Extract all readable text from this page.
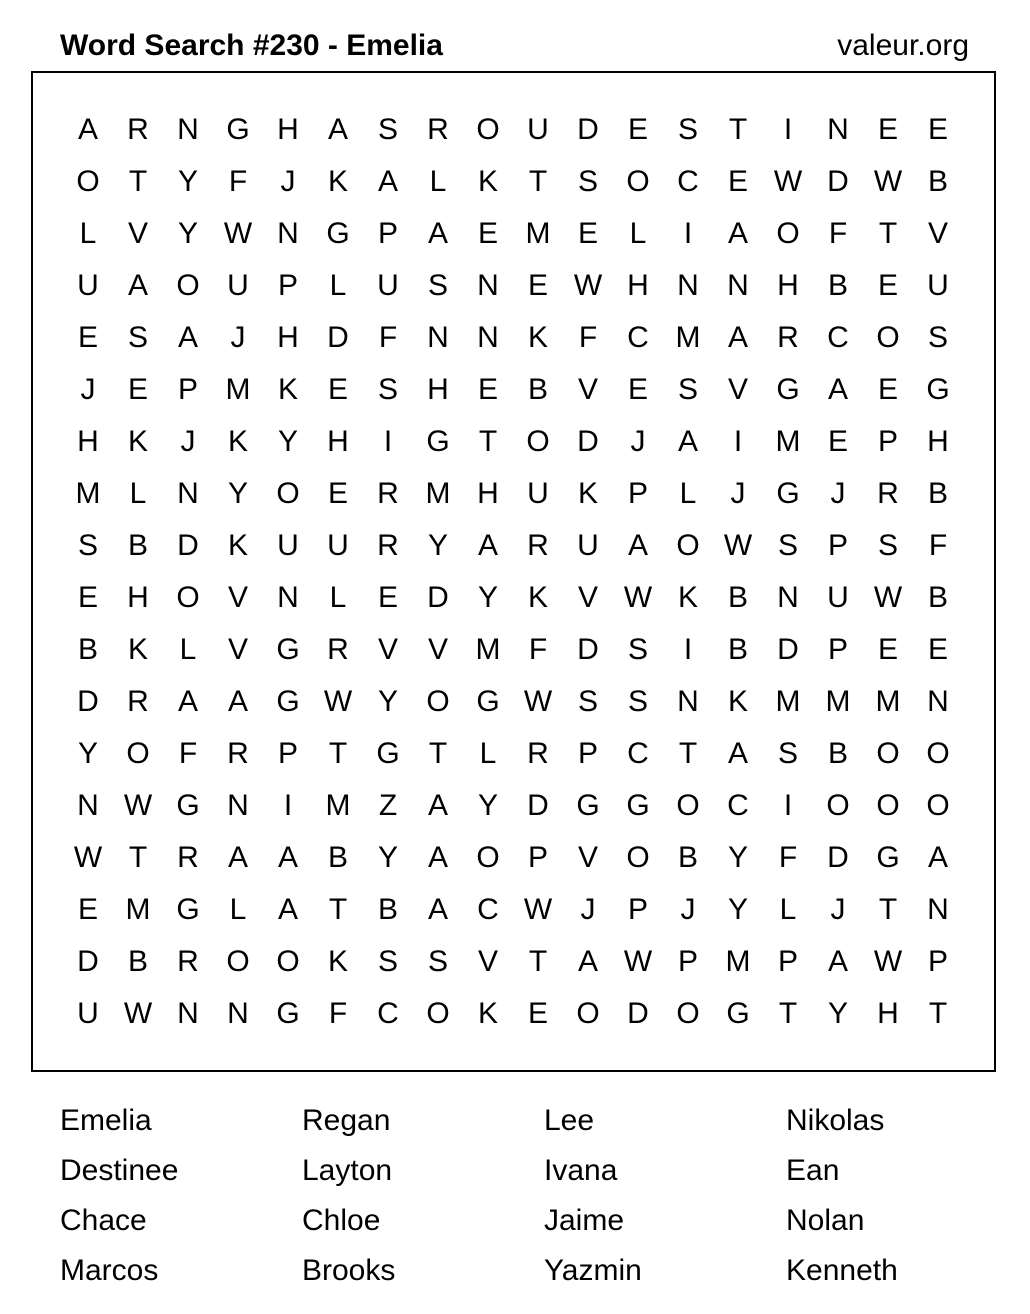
Word Search #230 - Emelia	valeur.org
A R N G H A S R O U D E S	T	I	N E E
O T	Y	F	J	K A	L	K	T	S O C E W D W B
L	V Y W N G P A E M E	L	I	A O F	T	V
U A O U P	L	U S N E W H N N H B E U
E S A	J	H D	F	N N K	F	C M A R C O S
J	E P M K E S H E B V E S V G A E G
H K	J	K Y H	I	G T O D	J	A	I	M E P H
M L	N Y O E R M H U K P	L	J	G	J	R B
S B D K U U R Y A R U A O W S P S	F
E H O V N	L	E D Y K V W K B N U W B
B K	L	V G R V V M F	D S	I	B D P E E
D R A A G W Y O G W S S N K M M M N
Y O F	R P	T G T	L	R P C	T	A S B O O
N W G N	I	M Z	A Y D G G O C	I	O O O
W T	R A A B Y A O P V O B Y	F	D G A
E M G L	A	T	B A C W J	P	J	Y	L	J	T	N
D B R O O K S S V	T	A W P M P A W P
U W N N G F	C O K E O D O G T	Y H	T
Emelia	Regan	Lee	Nikolas
Destinee	Layton	Ivana	Ean
Chace	Chloe	Jaime	Nolan
Marcos	Brooks	Yazmin	Kenneth
